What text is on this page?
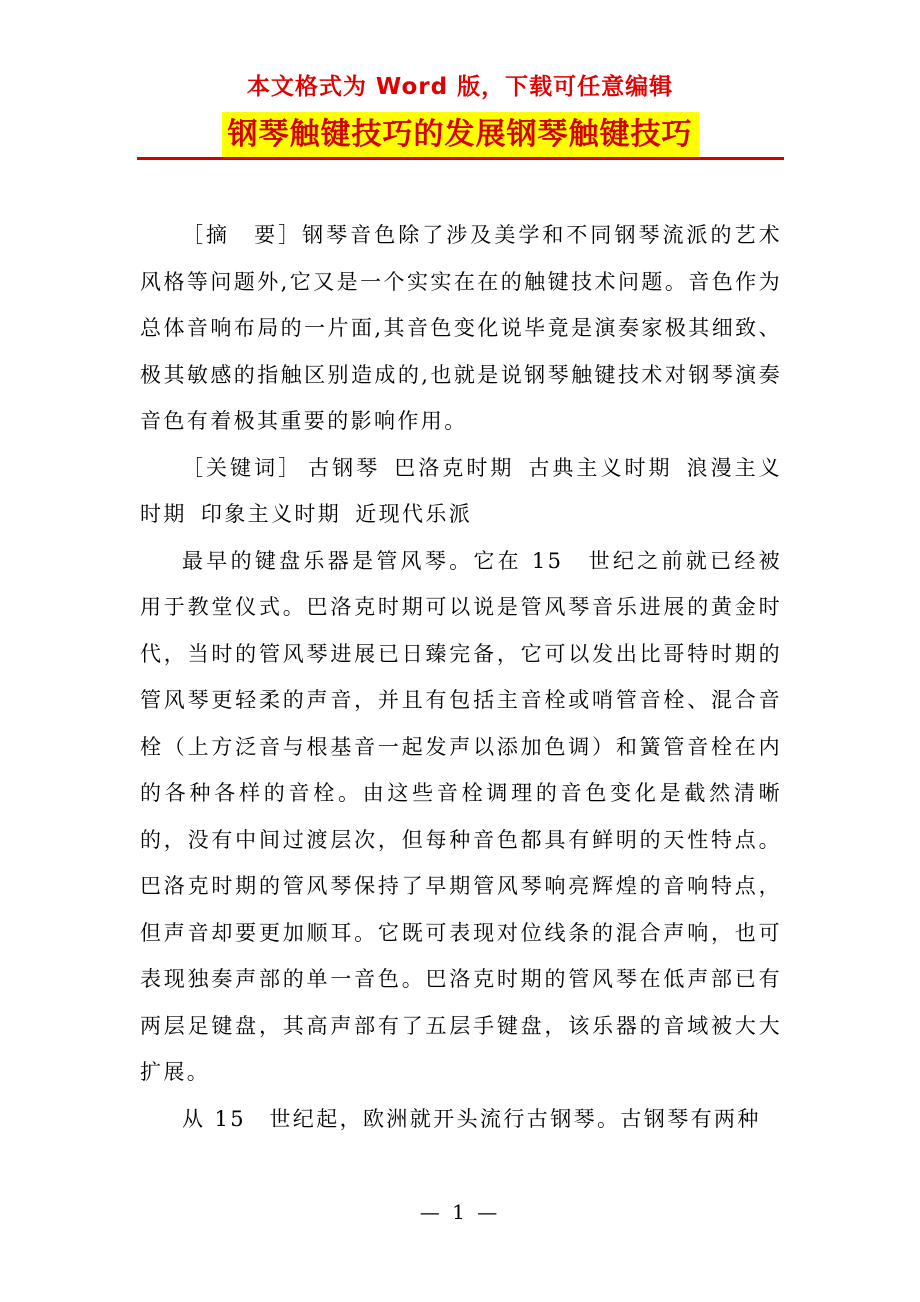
本文格式为 Word 版，下载可任意编辑
钢琴触键技巧的发展钢琴触键技巧

［摘　要］钢琴音色除了涉及美学和不同钢琴流派的艺术风格等问题外,它又是一个实实在在的触键技术问题。音色作为总体音响布局的一片面,其音色变化说毕竟是演奏家极其细致、极其敏感的指触区别造成的,也就是说钢琴触键技术对钢琴演奏音色有着极其重要的影响作用。

［关键词］ 古钢琴 巴洛克时期 古典主义时期 浪漫主义时期 印象主义时期 近现代乐派

最早的键盘乐器是管风琴。它在 15　世纪之前就已经被用于教堂仪式。巴洛克时期可以说是管风琴音乐进展的黄金时代，当时的管风琴进展已日臻完备，它可以发出比哥特时期的管风琴更轻柔的声音，并且有包括主音栓或哨管音栓、混合音栓（上方泛音与根基音一起发声以添加色调）和簧管音栓在内的各种各样的音栓。由这些音栓调理的音色变化是截然清晰的，没有中间过渡层次，但每种音色都具有鲜明的天性特点。巴洛克时期的管风琴保持了早期管风琴响亮辉煌的音响特点，但声音却要更加顺耳。它既可表现对位线条的混合声响，也可表现独奏声部的单一音色。巴洛克时期的管风琴在低声部已有两层足键盘，其高声部有了五层手键盘，该乐器的音域被大大扩展。

从 15　世纪起，欧洲就开头流行古钢琴。古钢琴有两种

— 1 —
